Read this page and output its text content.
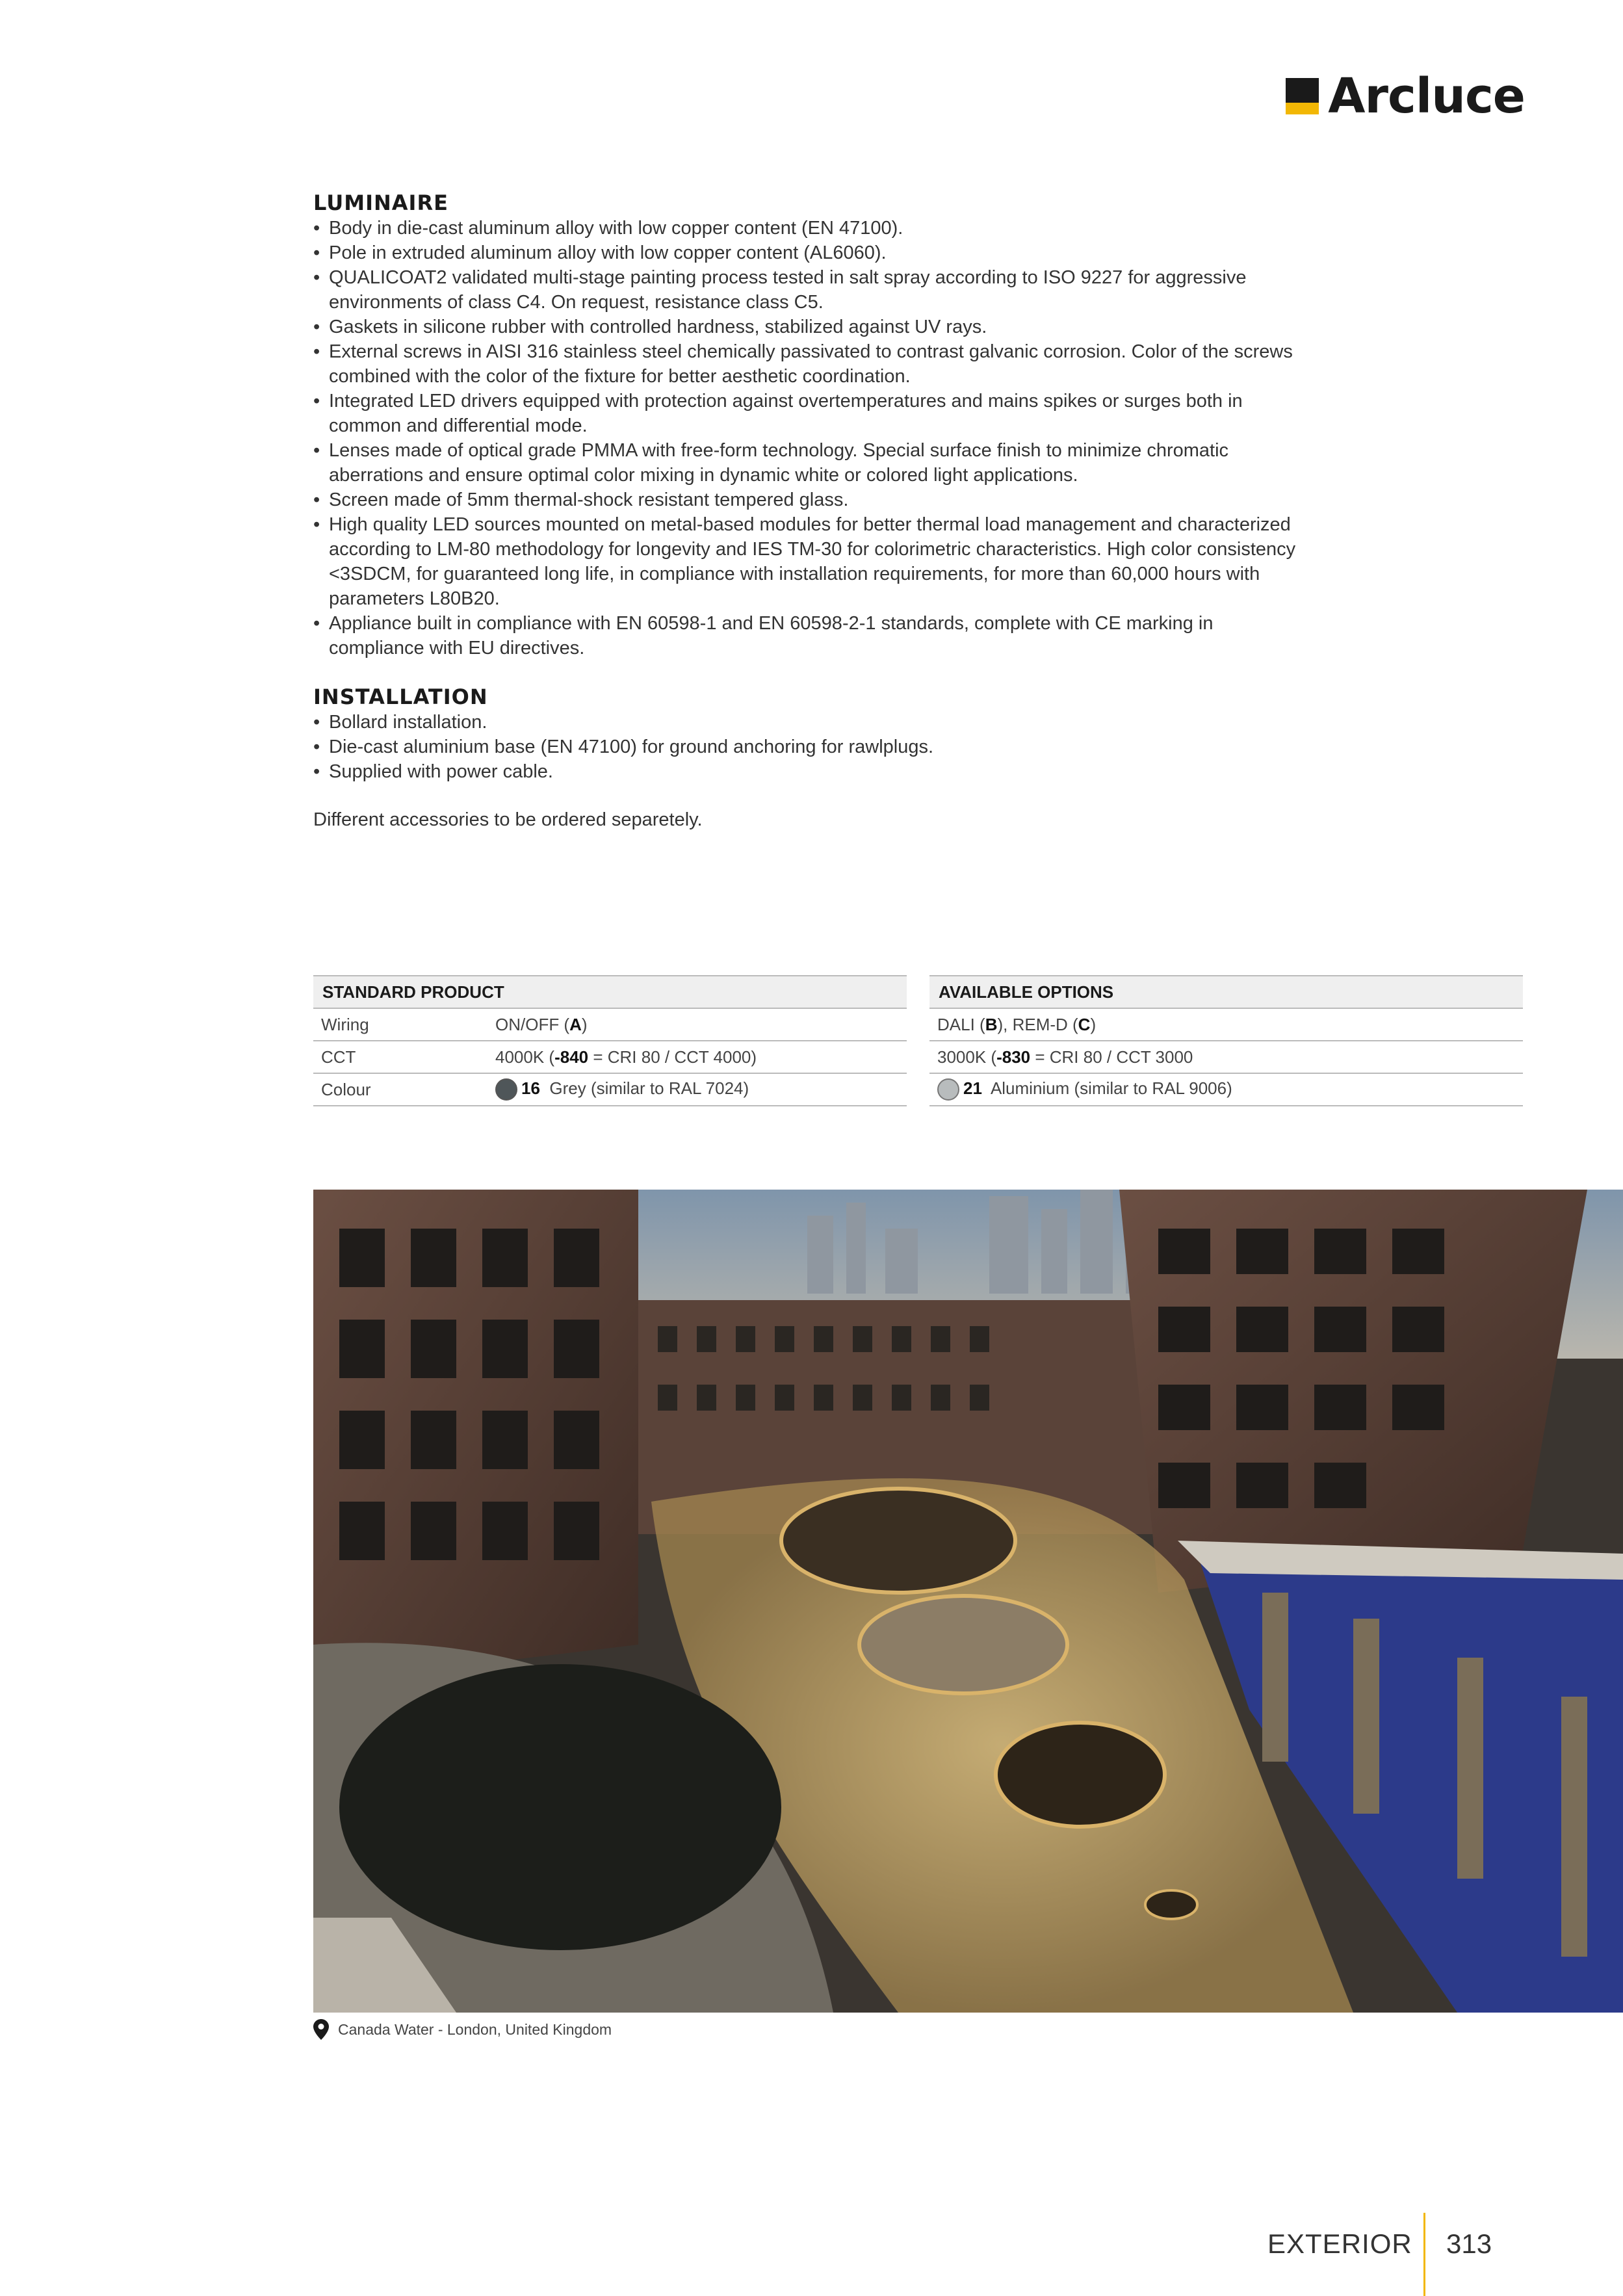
Arcluce
LUMINAIRE
• Body in die-cast aluminum alloy with low copper content (EN 47100).
• Pole in extruded aluminum alloy with low copper content (AL6060).
• QUALICOAT2 validated multi-stage painting process tested in salt spray according to ISO 9227 for aggressive environments of class C4. On request, resistance class C5.
• Gaskets in silicone rubber with controlled hardness, stabilized against UV rays.
• External screws in AISI 316 stainless steel chemically passivated to contrast galvanic corrosion. Color of the screws combined with the color of the fixture for better aesthetic coordination.
• Integrated LED drivers equipped with protection against overtemperatures and mains spikes or surges both in common and differential mode.
• Lenses made of optical grade PMMA with free-form technology. Special surface finish to minimize chromatic aberrations and ensure optimal color mixing in dynamic white or colored light applications.
• Screen made of 5mm thermal-shock resistant tempered glass.
• High quality LED sources mounted on metal-based modules for better thermal load management and characterized according to LM-80 methodology for longevity and IES TM-30 for colorimetric characteristics. High color consistency <3SDCM, for guaranteed long life, in compliance with installation requirements, for more than 60,000 hours with parameters L80B20.
• Appliance built in compliance with EN 60598-1 and EN 60598-2-1 standards, complete with CE marking in compliance with EU directives.
INSTALLATION
• Bollard installation.
• Die-cast aluminium base (EN 47100) for ground anchoring for rawlplugs.
• Supplied with power cable.
Different accessories to be ordered separetely.
STANDARD PRODUCT	
Wiring	ON/OFF (A)
CCT	4000K (-840 = CRI 80 / CCT 4000)
Colour	16 Grey (similar to RAL 7024)
AVAILABLE OPTIONS
DALI (B), REM-D (C)
3000K (-830 = CRI 80 / CCT 3000
21 Aluminium (similar to RAL 9006)
Canada Water - London, United Kingdom
EXTERIOR 313
